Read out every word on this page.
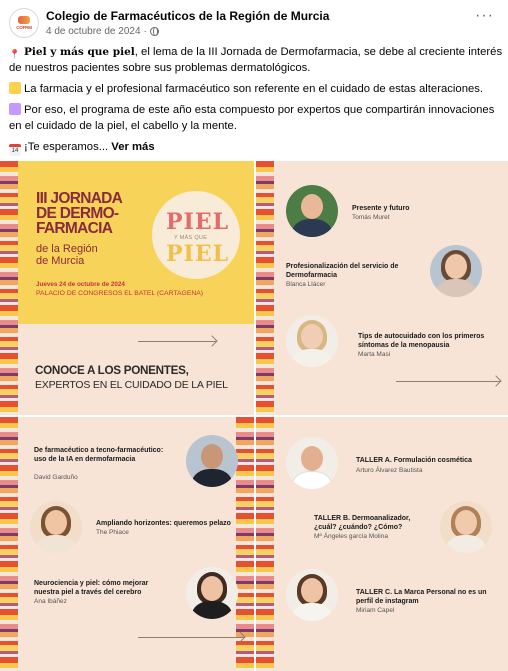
COFRM
Colegio de Farmacéuticos de la Región de Murcia
4 de octubre de 2024 ·
···

📍 Piel y más que piel, el lema de la III Jornada de Dermofarmacia, se debe al creciente interés de nuestros pacientes sobre sus problemas dermatológicos.

La farmacia y el profesional farmacéutico son referente en el cuidado de estas alteraciones.

Por eso, el programa de este año esta compuesto por expertos que compartirán innovaciones en el cuidado de la piel, el cabello y la mente.

14 ¡Te esperamos... Ver más

III JORNADA
DE DERMO-
FARMACIA
de la Región
de Murcia
Jueves 24 de octubre de 2024
PALACIO DE CONGRESOS EL BATEL (CARTAGENA)
PIEL
Y MÁS QUE
PIEL
CONOCE A LOS PONENTES,
EXPERTOS EN EL CUIDADO DE LA PIEL
Presente y futuro
Tomás Muret
Profesionalización del servicio de Dermofarmacia
Blanca Llácer
Tips de autocuidado con los primeros síntomas de la menopausia
Marta Masi
De farmacéutico a tecno-farmacéutico: uso de la IA en dermofarmacia
David Garduño
Ampliando horizontes: queremos pelazo
The Phiace
Neurociencia y piel: cómo mejorar nuestra piel a través del cerebro
Ana Ibáñez
TALLER A. Formulación cosmética
Arturo Álvarez Bautista
TALLER B. Dermoanalizador, ¿cuál? ¿cuándo? ¿Cómo?
Mª Ángeles garcía Molina
TALLER C. La Marca Personal no es un perfil de instagram
Miriam Capel
